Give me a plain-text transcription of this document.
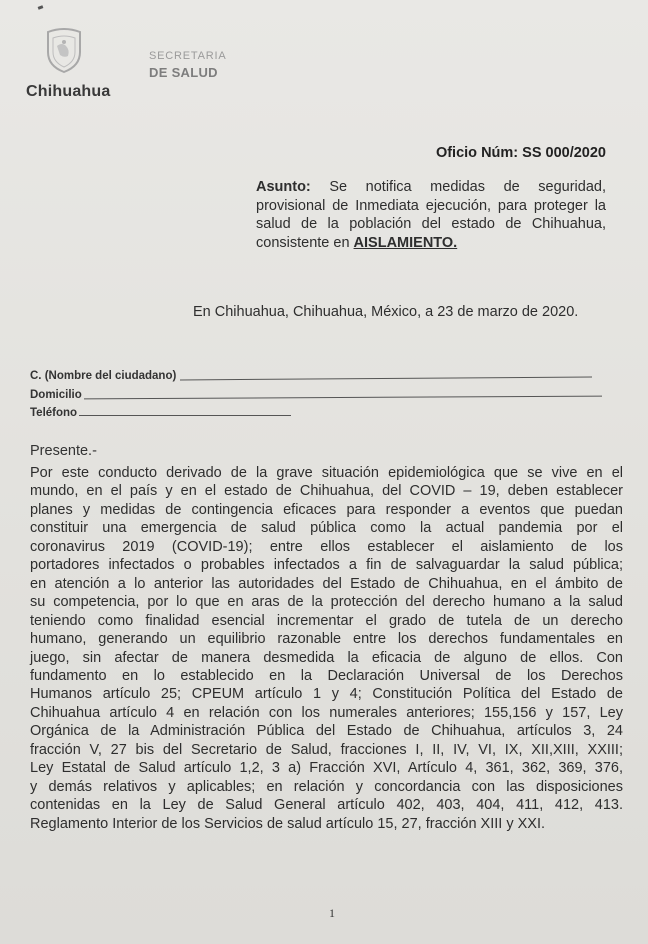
Chihuahua
SECRETARIA
DE SALUD
Oficio Núm: SS 000/2020
Asunto: Se notifica medidas de seguridad, provisional de Inmediata ejecución, para proteger la salud de la población del estado de Chihuahua, consistente en AISLAMIENTO.
En Chihuahua, Chihuahua, México, a 23 de marzo de 2020.
C. (Nombre del ciudadano)
Domicilio
Teléfono
Presente.-
Por este conducto derivado de la grave situación epidemiológica que se vive en el
mundo, en el país y en el estado de Chihuahua, del COVID – 19, deben establecer
planes y medidas de contingencia eficaces para responder a eventos que puedan
constituir una emergencia de salud pública como la actual pandemia por el
coronavirus 2019 (COVID-19); entre ellos establecer el aislamiento de los
portadores infectados o probables infectados a fin de salvaguardar la salud pública;
en atención a lo anterior las autoridades del Estado de Chihuahua, en el ámbito de
su competencia, por lo que en aras de la protección del derecho humano a la salud
teniendo como finalidad esencial incrementar el grado de tutela de un derecho
humano, generando un equilibrio razonable entre los derechos fundamentales en
juego, sin afectar de manera desmedida la eficacia de alguno de ellos. Con
fundamento en lo establecido en la Declaración Universal de los Derechos
Humanos artículo 25; CPEUM artículo 1 y 4; Constitución Política del Estado de
Chihuahua artículo 4 en relación con los numerales anteriores; 155,156 y 157, Ley
Orgánica de la Administración Pública del Estado de Chihuahua, artículos 3, 24
fracción V, 27 bis del Secretario de Salud, fracciones I, II, IV, VI, IX, XII,XIII, XXIII;
Ley Estatal de Salud artículo 1,2, 3 a) Fracción XVI, Artículo 4, 361, 362, 369, 376,
y demás relativos y aplicables; en relación y concordancia con las disposiciones
contenidas en la Ley de Salud General artículo 402, 403, 404, 411, 412, 413.
Reglamento Interior de los Servicios de salud artículo 15, 27, fracción XIII y XXI.
1
